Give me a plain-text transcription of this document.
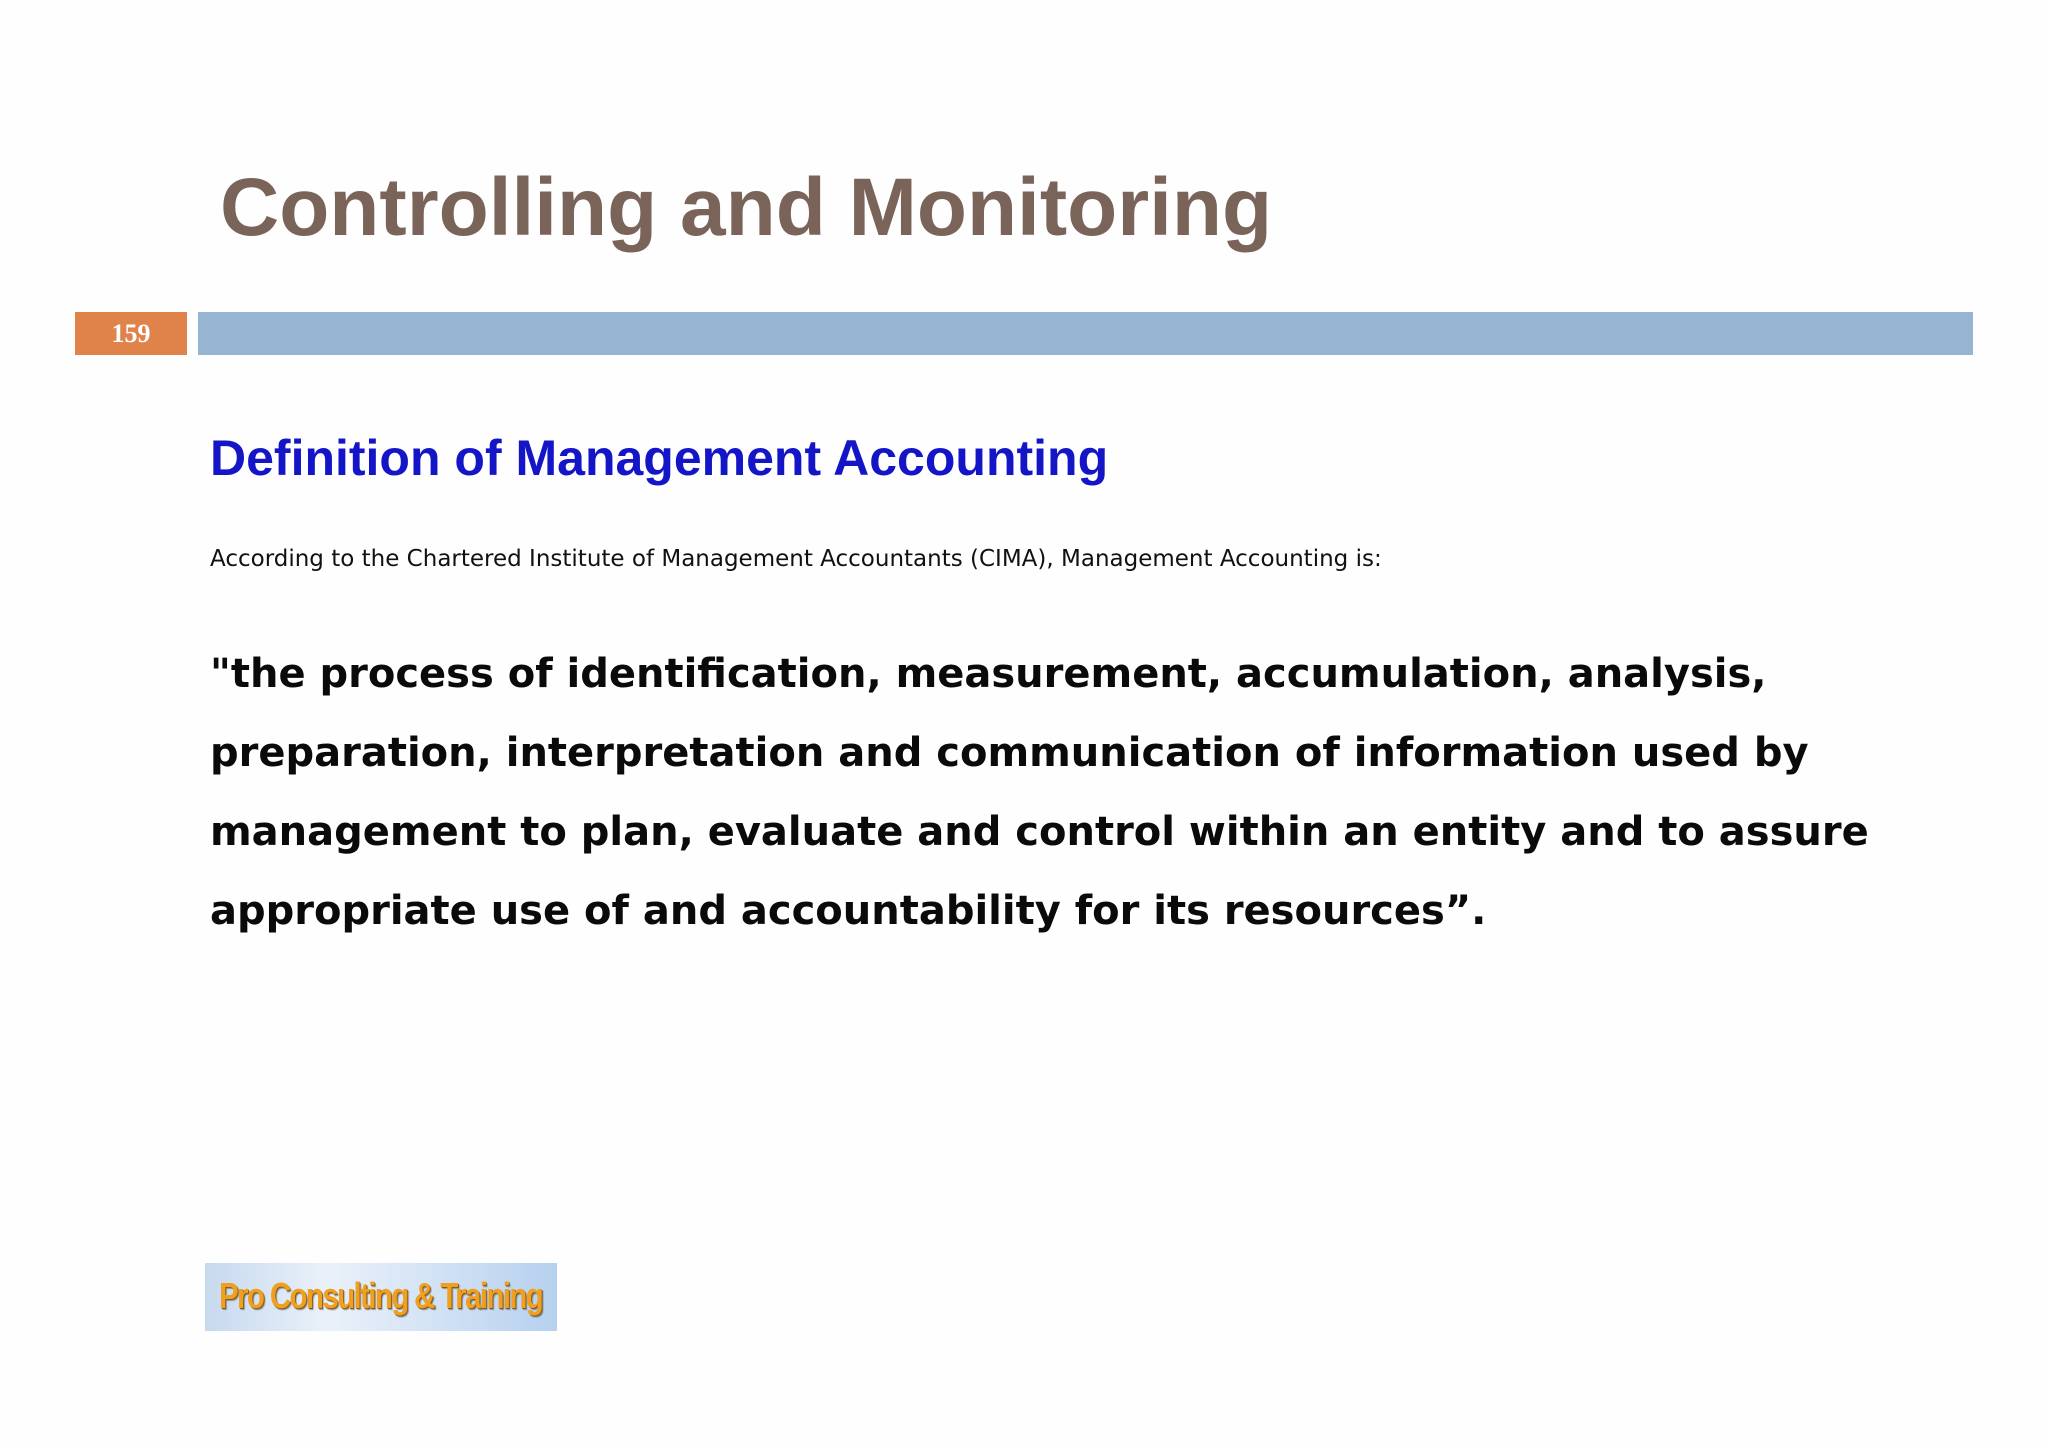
Controlling and Monitoring
159
Definition of Management Accounting

According to the Chartered Institute of Management Accountants (CIMA), Management Accounting is:

"the process of identification, measurement, accumulation, analysis,
preparation, interpretation and communication of information used by
management to plan, evaluate and control within an entity and to assure
appropriate use of and accountability for its resources”.
Pro Consulting & Training
